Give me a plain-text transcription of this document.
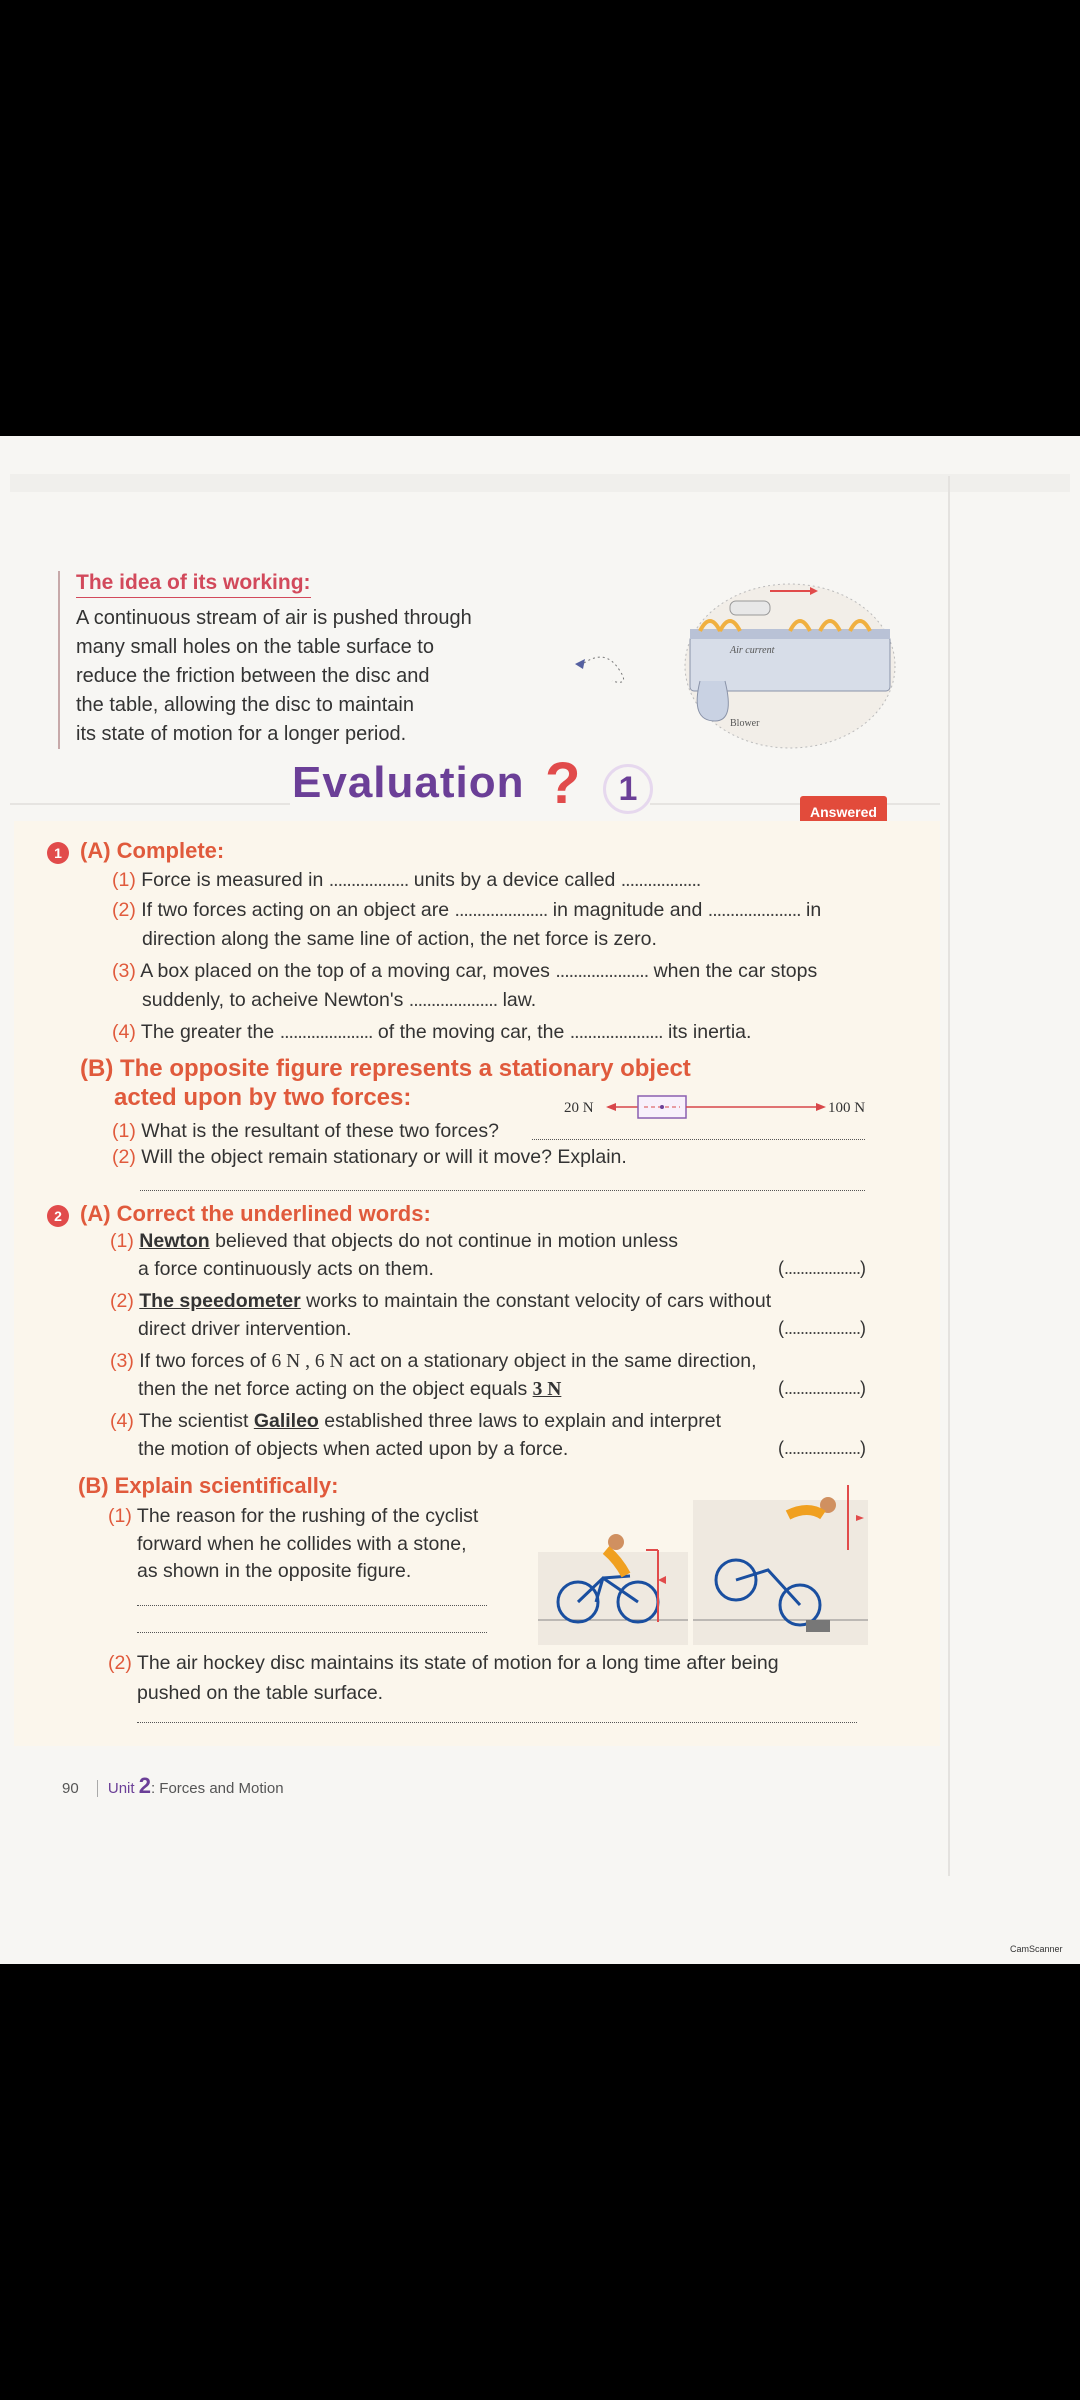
The idea of its working:
A continuous stream of air is pushed through
many small holes on the table surface to
reduce the friction between the disc and
the table, allowing the disc to maintain
its state of motion for a longer period.
Air current
Blower
Evaluation ?	1
Answered
1 (A) Complete:
(1) Force is measured in .................. units by a device called ..................
(2) If two forces acting on an object are ..................... in magnitude and ..................... in
direction along the same line of action, the net force is zero.
(3) A box placed on the top of a moving car, moves ..................... when the car stops
suddenly, to acheive Newton's .................... law.
(4) The greater the ..................... of the moving car, the ..................... its inertia.
(B) The opposite figure represents a stationary object
acted upon by two forces:	20 N	100 N
(1) What is the resultant of these two forces?
(2) Will the object remain stationary or will it move? Explain.
2 (A) Correct the underlined words:
(1) Newton believed that objects do not continue in motion unless
a force continuously acts on them.	(...................)
(2) The speedometer works to maintain the constant velocity of cars without
direct driver intervention.	(...................)
(3) If two forces of 6 N , 6 N act on a stationary object in the same direction,
then the net force acting on the object equals 3 N	(...................)
(4) The scientist Galileo established three laws to explain and interpret
the motion of objects when acted upon by a force.	(...................)
(B) Explain scientifically:
(1) The reason for the rushing of the cyclist
forward when he collides with a stone,
as shown in the opposite figure.
(2) The air hockey disc maintains its state of motion for a long time after being
pushed on the table surface.
90 Unit 2: Forces and Motion
CamScanner
